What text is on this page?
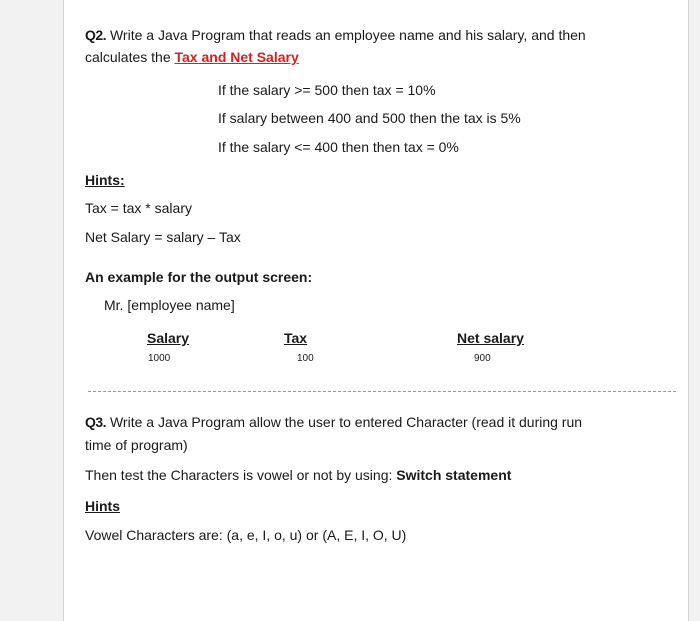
Q2. Write a Java Program that reads an employee name and his salary, and then
calculates the Tax and Net Salary
If the salary >= 500 then tax = 10%
If salary between 400 and 500 then the tax is 5%
If the salary <= 400 then then tax = 0%
Hints:
Tax = tax * salary
Net Salary = salary – Tax
An example for the output screen:
Mr. [employee name]
Salary	Tax	Net salary
1000	100	900
Q3. Write a Java Program allow the user to entered Character (read it during run
time of program)
Then test the Characters is vowel or not by using: Switch statement
Hints
Vowel Characters are: (a, e, I, o, u) or (A, E, I, O, U)
